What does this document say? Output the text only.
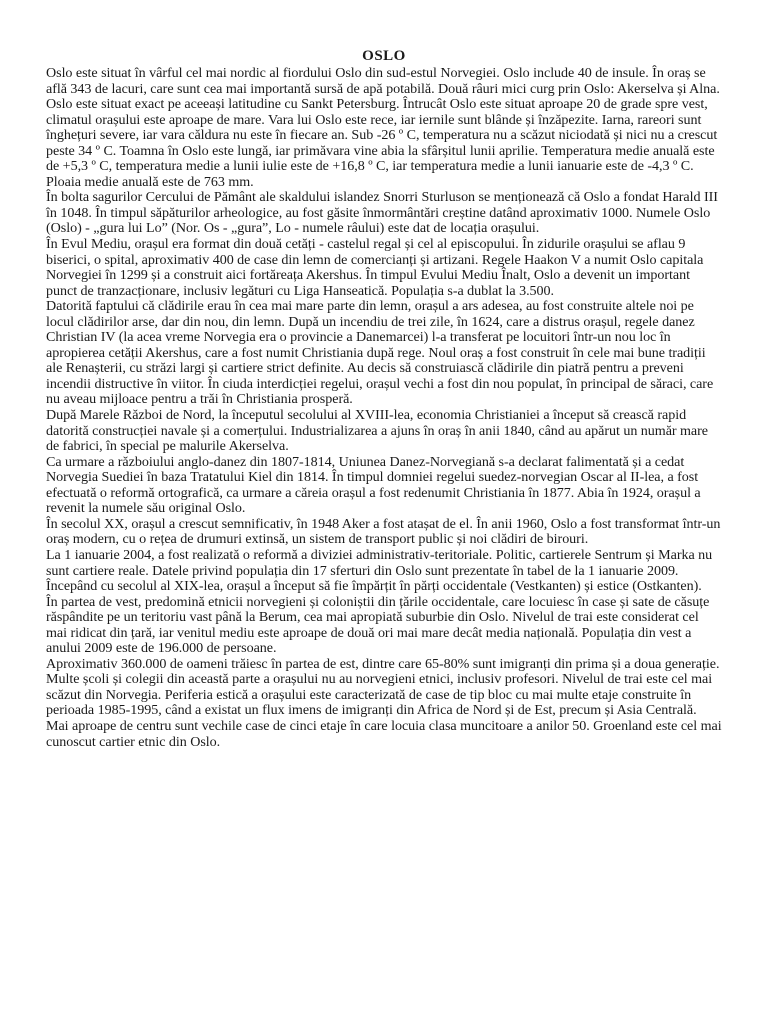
OSLO

Oslo este situat în vârful cel mai nordic al fiordului Oslo din sud-estul Norvegiei. Oslo include 40 de insule. În oraș se află 343 de lacuri, care sunt cea mai importantă sursă de apă potabilă. Două râuri mici curg prin Oslo: Akerselva și Alna.

Oslo este situat exact pe aceeași latitudine cu Sankt Petersburg. Întrucât Oslo este situat aproape 20 de grade spre vest, climatul orașului este aproape de mare. Vara lui Oslo este rece, iar iernile sunt blânde și înzăpezite. Iarna, rareori sunt înghețuri severe, iar vara căldura nu este în fiecare an. Sub -26 º C, temperatura nu a scăzut niciodată și nici nu a crescut peste 34 º C. Toamna în Oslo este lungă, iar primăvara vine abia la sfârșitul lunii aprilie. Temperatura medie anuală este de +5,3 º C, temperatura medie a lunii iulie este de +16,8 º C, iar temperatura medie a lunii ianuarie este de -4,3 º C. Ploaia medie anuală este de 763 mm.

În bolta sagurilor Cercului de Pământ ale skaldului islandez Snorri Sturluson se menționează că Oslo a fondat Harald III în 1048. În timpul săpăturilor arheologice, au fost găsite înmormântări creștine datând aproximativ 1000. Numele Oslo (Oslo) - „gura lui Lo” (Nor. Os - „gura”, Lo - numele râului) este dat de locația orașului.

În Evul Mediu, orașul era format din două cetăți - castelul regal și cel al episcopului. În zidurile orașului se aflau 9 biserici, o spital, aproximativ 400 de case din lemn de comercianți și artizani. Regele Haakon V a numit Oslo capitala Norvegiei în 1299 și a construit aici fortăreața Akershus. În timpul Evului Mediu Înalt, Oslo a devenit un important punct de tranzacționare, inclusiv legături cu Liga Hanseatică. Populația s-a dublat la 3.500.

Datorită faptului că clădirile erau în cea mai mare parte din lemn, orașul a ars adesea, au fost construite altele noi pe locul clădirilor arse, dar din nou, din lemn. După un incendiu de trei zile, în 1624, care a distrus orașul, regele danez Christian IV (la acea vreme Norvegia era o provincie a Danemarcei) l-a transferat pe locuitori într-un nou loc în apropierea cetății Akershus, care a fost numit Christiania după rege. Noul oraș a fost construit în cele mai bune tradiții ale Renașterii, cu străzi largi și cartiere strict definite. Au decis să construiască clădirile din piatră pentru a preveni incendii distructive în viitor. În ciuda interdicției regelui, orașul vechi a fost din nou populat, în principal de săraci, care nu aveau mijloace pentru a trăi în Christiania prosperă.

După Marele Război de Nord, la începutul secolului al XVIII-lea, economia Christianiei a început să crească rapid datorită construcției navale și a comerțului. Industrializarea a ajuns în oraș în anii 1840, când au apărut un număr mare de fabrici, în special pe malurile Akerselva.

Ca urmare a războiului anglo-danez din 1807-1814, Uniunea Danez-Norvegiană s-a declarat falimentată și a cedat Norvegia Suediei în baza Tratatului Kiel din 1814. În timpul domniei regelui suedez-norvegian Oscar al II-lea, a fost efectuată o reformă ortografică, ca urmare a căreia orașul a fost redenumit Christiania în 1877. Abia în 1924, orașul a revenit la numele său original Oslo.

În secolul XX, orașul a crescut semnificativ, în 1948 Aker a fost atașat de el. În anii 1960, Oslo a fost transformat într-un oraș modern, cu o rețea de drumuri extinsă, un sistem de transport public și noi clădiri de birouri.

La 1 ianuarie 2004, a fost realizată o reformă a diviziei administrativ-teritoriale. Politic, cartierele Sentrum și Marka nu sunt cartiere reale. Datele privind populația din 17 sferturi din Oslo sunt prezentate în tabel de la 1 ianuarie 2009.

Începând cu secolul al XIX-lea, orașul a început să fie împărțit în părți occidentale (Vestkanten) și estice (Ostkanten).

În partea de vest, predomină etnicii norvegieni și coloniștii din țările occidentale, care locuiesc în case și sate de căsuțe răspândite pe un teritoriu vast până la Berum, cea mai apropiată suburbie din Oslo. Nivelul de trai este considerat cel mai ridicat din țară, iar venitul mediu este aproape de două ori mai mare decât media națională. Populația din vest a anului 2009 este de 196.000 de persoane.

Aproximativ 360.000 de oameni trăiesc în partea de est, dintre care 65-80% sunt imigranți din prima și a doua generație. Multe școli și colegii din această parte a orașului nu au norvegieni etnici, inclusiv profesori. Nivelul de trai este cel mai scăzut din Norvegia. Periferia estică a orașului este caracterizată de case de tip bloc cu mai multe etaje construite în perioada 1985-1995, când a existat un flux imens de imigranți din Africa de Nord și de Est, precum și Asia Centrală. Mai aproape de centru sunt vechile case de cinci etaje în care locuia clasa muncitoare a anilor 50. Groenland este cel mai cunoscut cartier etnic din Oslo.
